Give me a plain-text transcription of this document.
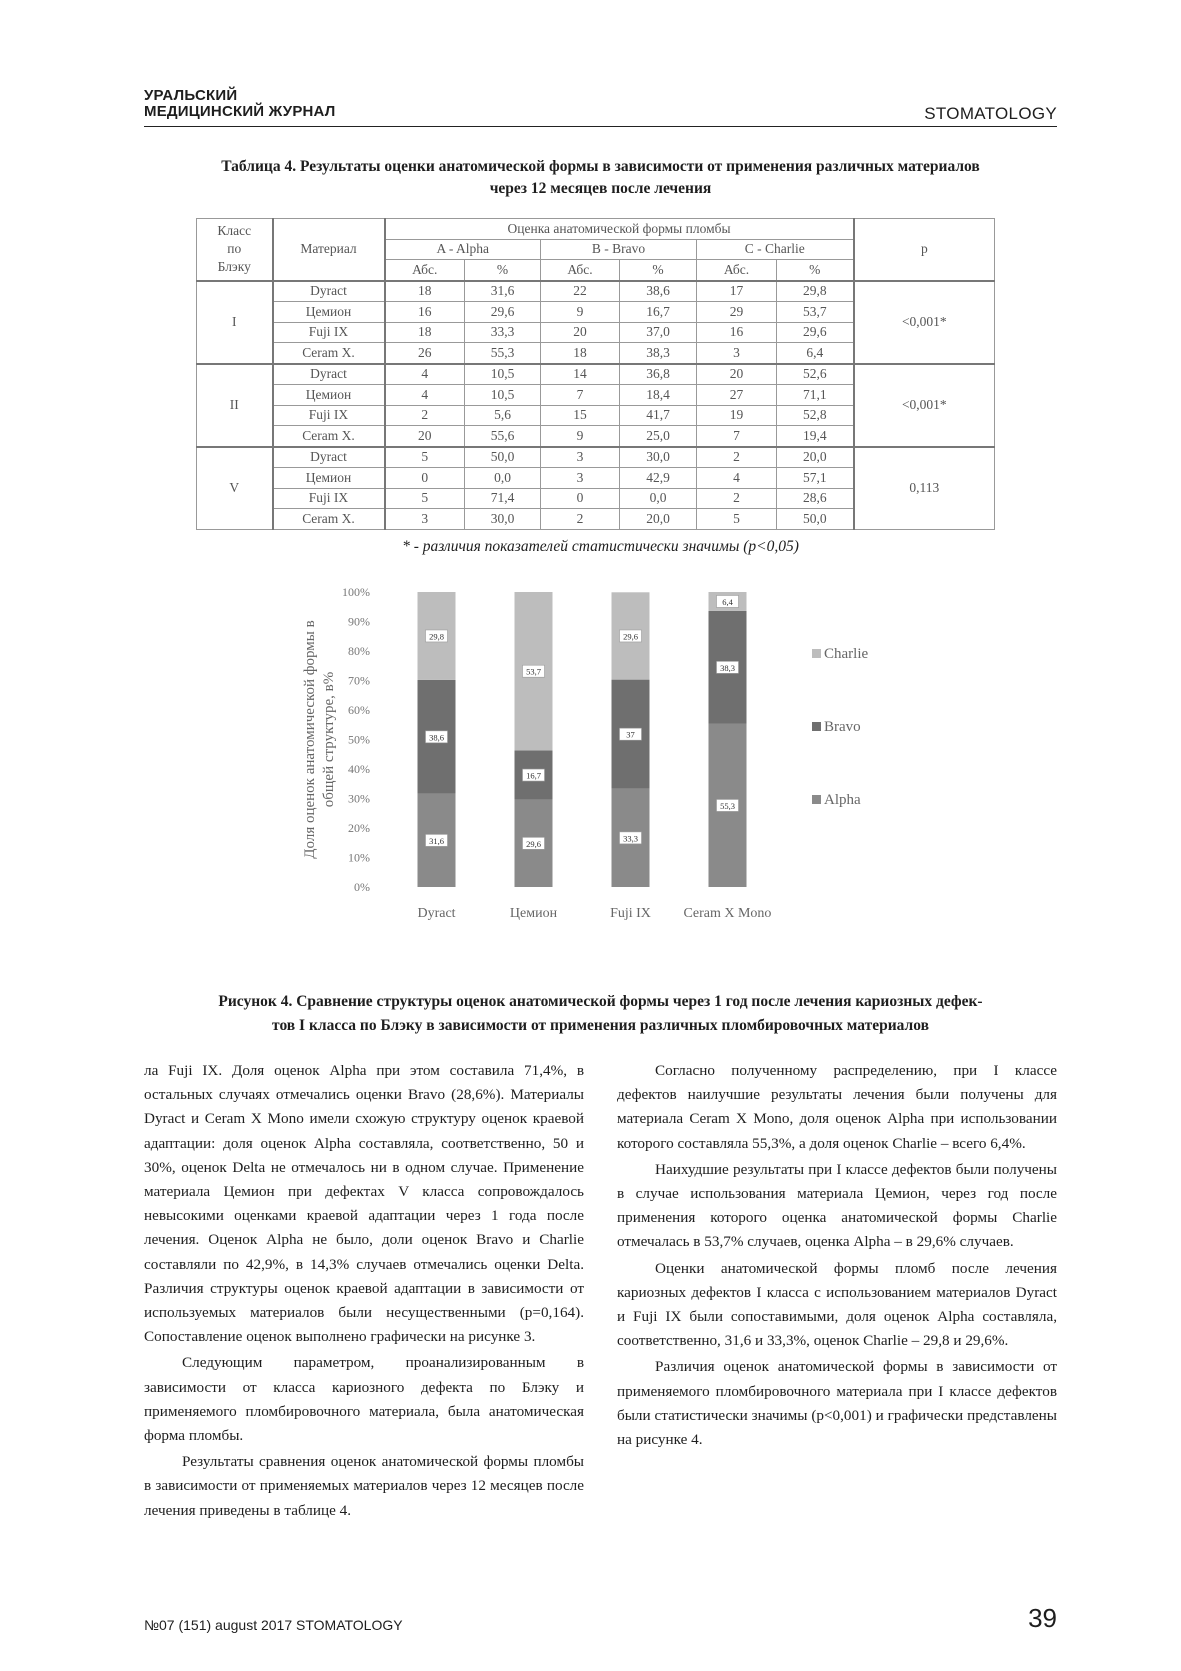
УРАЛЬСКИЙ
МЕДИЦИНСКИЙ ЖУРНАЛ	STOMATOLOGY
Таблица 4. Результаты оценки анатомической формы в зависимости от применения различных материалов
через 12 месяцев после лечения
Класс
по
Блэку	Материал	Оценка анатомической формы пломбы						p
		A - Alpha		B - Bravo		C - Charlie		
		Абс.	%	Абс.	%	Абс.	%	
I	Dyract	18	31,6	22	38,6	17	29,8	<0,001*
	Цемион	16	29,6	9	16,7	29	53,7	
	Fuji IX	18	33,3	20	37,0	16	29,6	
	Ceram X.	26	55,3	18	38,3	3	6,4	
II	Dyract	4	10,5	14	36,8	20	52,6	<0,001*
	Цемион	4	10,5	7	18,4	27	71,1	
	Fuji IX	2	5,6	15	41,7	19	52,8	
	Ceram X.	20	55,6	9	25,0	7	19,4	
V	Dyract	5	50,0	3	30,0	2	20,0	0,113
	Цемион	0	0,0	3	42,9	4	57,1	
	Fuji IX	5	71,4	0	0,0	2	28,6	
	Ceram X.	3	30,0	2	20,0	5	50,0	
* - различия показателей статистически значимы (p<0,05)
0%
10%
20%
30%
40%
50%
60%
70%
80%
90%
100%
Доля оценок анатомической формы в общей структуре, в%
31,6
38,6
29,8
Dyract
29,6
16,7
53,7
Цемион
33,3
37
29,6
Fuji IX
55,3
38,3
6,4
Ceram X Mono
Charlie
Bravo
Alpha
Рисунок 4. Сравнение структуры оценок анатомической формы через 1 год после лечения кариозных дефек-
тов I класса по Блэку в зависимости от применения различных пломбировочных материалов

ла Fuji IX. Доля оценок Alpha при этом составила 71,4%, в остальных случаях отмечались оценки Bravo (28,6%). Материалы Dyract и Ceram X Mono имели схожую структуру оценок краевой адаптации: доля оценок Alpha составляла, соответственно, 50 и 30%, оценок Delta не отмечалось ни в одном случае. Применение материала Цемион при дефектах V класса сопровождалось невысокими оценками краевой адаптации через 1 года после лечения. Оценок Alpha не было, доли оценок Bravo и Charlie составляли по 42,9%, в 14,3% случаев отмечались оценки Delta. Различия структуры оценок краевой адаптации в зависимости от используемых материалов были несущественными (p=0,164). Сопоставление оценок выполнено графически на рисунке 3.

Следующим параметром, проанализированным в зависимости от класса кариозного дефекта по Блэку и применяемого пломбировочного материала, была анатомическая форма пломбы.

Результаты сравнения оценок анатомической формы пломбы в зависимости от применяемых материалов через 12 месяцев после лечения приведены в таблице 4.

Согласно полученному распределению, при I классе дефектов наилучшие результаты лечения были получены для материала Ceram X Mono, доля оценок Alpha при использовании которого составляла 55,3%, а доля оценок Charlie – всего 6,4%.

Наихудшие результаты при I классе дефектов были получены в случае использования материала Цемион, через год после применения которого оценка анатомической формы Charlie отмечалась в 53,7% случаев, оценка Alpha – в 29,6% случаев.

Оценки анатомической формы пломб после лечения кариозных дефектов I класса с использованием материалов Dyract и Fuji IX были сопоставимыми, доля оценок Alpha составляла, соответственно, 31,6 и 33,3%, оценок Charlie – 29,8 и 29,6%.

Различия оценок анатомической формы в зависимости от применяемого пломбировочного материала при I классе дефектов были статистически значимы (p<0,001) и графически представлены на рисунке 4.

№07 (151) august 2017 STOMATOLOGY	39
